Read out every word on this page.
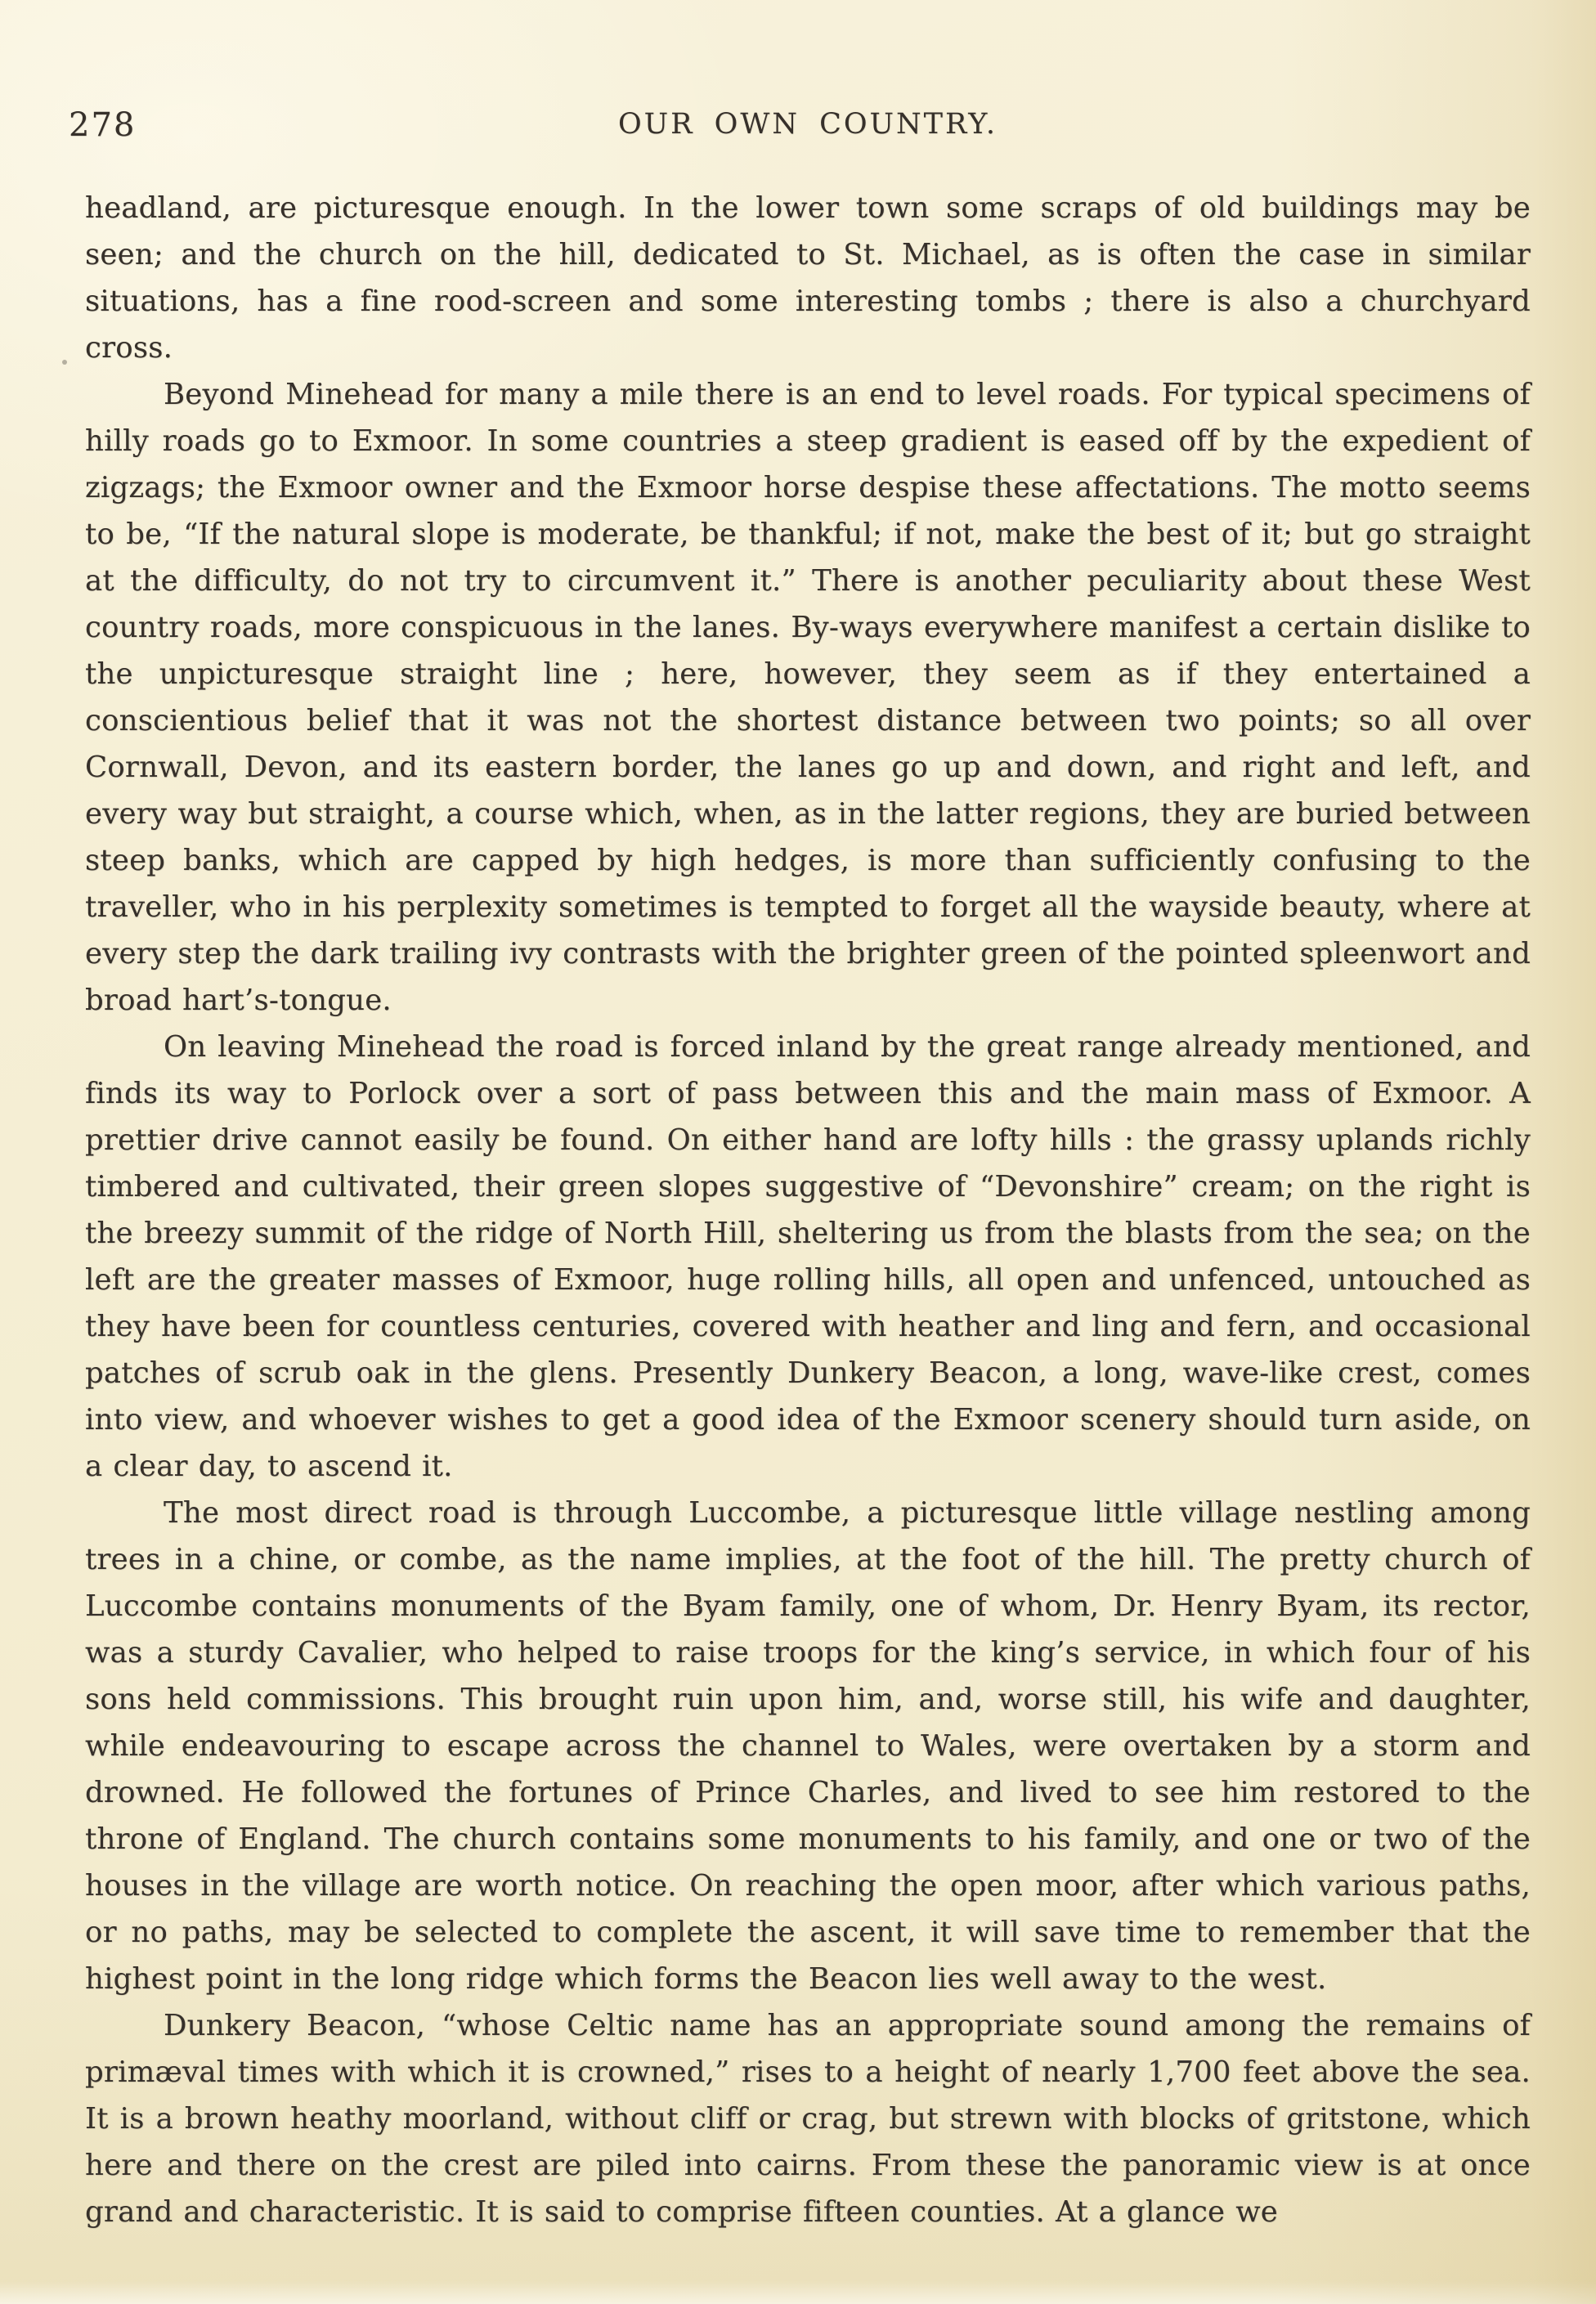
278	OUR OWN COUNTRY.

headland, are picturesque enough. In the lower town some scraps of old buildings may be seen; and the church on the hill, dedicated to St. Michael, as is often the case in similar situations, has a fine rood-screen and some interesting tombs ; there is also a churchyard cross.

Beyond Minehead for many a mile there is an end to level roads. For typical specimens of hilly roads go to Exmoor. In some countries a steep gradient is eased off by the expedient of zigzags; the Exmoor owner and the Exmoor horse despise these affectations. The motto seems to be, “If the natural slope is moderate, be thankful; if not, make the best of it; but go straight at the difficulty, do not try to circumvent it.” There is another peculiarity about these West country roads, more conspicuous in the lanes. By-ways everywhere manifest a certain dislike to the unpicturesque straight line ; here, however, they seem as if they entertained a conscientious belief that it was not the shortest distance between two points; so all over Cornwall, Devon, and its eastern border, the lanes go up and down, and right and left, and every way but straight, a course which, when, as in the latter regions, they are buried between steep banks, which are capped by high hedges, is more than sufficiently confusing to the traveller, who in his perplexity sometimes is tempted to forget all the wayside beauty, where at every step the dark trailing ivy contrasts with the brighter green of the pointed spleenwort and broad hart’s-tongue.

On leaving Minehead the road is forced inland by the great range already mentioned, and finds its way to Porlock over a sort of pass between this and the main mass of Exmoor. A prettier drive cannot easily be found. On either hand are lofty hills : the grassy uplands richly timbered and cultivated, their green slopes suggestive of “Devonshire” cream; on the right is the breezy summit of the ridge of North Hill, sheltering us from the blasts from the sea; on the left are the greater masses of Exmoor, huge rolling hills, all open and unfenced, untouched as they have been for countless centuries, covered with heather and ling and fern, and occasional patches of scrub oak in the glens. Presently Dunkery Beacon, a long, wave-like crest, comes into view, and whoever wishes to get a good idea of the Exmoor scenery should turn aside, on a clear day, to ascend it.

The most direct road is through Luccombe, a picturesque little village nestling among trees in a chine, or combe, as the name implies, at the foot of the hill. The pretty church of Luccombe contains monuments of the Byam family, one of whom, Dr. Henry Byam, its rector, was a sturdy Cavalier, who helped to raise troops for the king’s service, in which four of his sons held commissions. This brought ruin upon him, and, worse still, his wife and daughter, while endeavouring to escape across the channel to Wales, were overtaken by a storm and drowned. He followed the fortunes of Prince Charles, and lived to see him restored to the throne of England. The church contains some monuments to his family, and one or two of the houses in the village are worth notice. On reaching the open moor, after which various paths, or no paths, may be selected to complete the ascent, it will save time to remember that the highest point in the long ridge which forms the Beacon lies well away to the west.

Dunkery Beacon, “whose Celtic name has an appropriate sound among the remains of primæval times with which it is crowned,” rises to a height of nearly 1,700 feet above the sea. It is a brown heathy moorland, without cliff or crag, but strewn with blocks of gritstone, which here and there on the crest are piled into cairns. From these the panoramic view is at once grand and characteristic. It is said to comprise fifteen counties. At a glance we
